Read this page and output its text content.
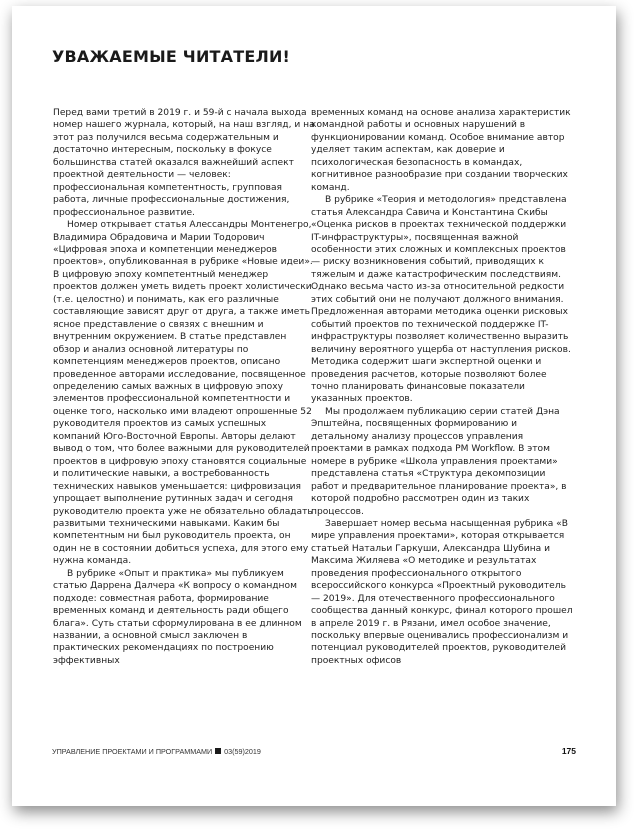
УВАЖАЕМЫЕ ЧИТАТЕЛИ!

Перед вами третий в 2019 г. и 59-й с начала выхода номер нашего журнала, который, на наш взгляд, и на этот раз получился весьма содержательным и достаточно интересным, поскольку в фокусе большинства статей оказался важнейший аспект проектной деятельности — человек: профессиональная компетентность, групповая работа, личные профессиональные достижения, профессиональное развитие.

Номер открывает статья Алессандры Монтенегро, Владимира Обрадовича и Марии Тодорович «Цифровая эпоха и компетенции менеджеров проектов», опубликованная в рубрике «Новые идеи». В цифровую эпоху компетентный менеджер проектов должен уметь видеть проект холистически (т.е. целостно) и понимать, как его различные составляющие зависят друг от друга, а также иметь ясное представление о связях с внешним и внутренним окружением. В статье представлен обзор и анализ основной литературы по компетенциям менеджеров проектов, описано проведенное авторами исследование, посвященное определению самых важных в цифровую эпоху элементов профессиональной компетентности и оценке того, насколько ими владеют опрошенные 52 руководителя проектов из самых успешных компаний Юго-Восточной Европы. Авторы делают вывод о том, что более важными для руководителей проектов в цифровую эпоху становятся социальные и политические навыки, а востребованность технических навыков уменьшается: цифровизация упрощает выполнение рутинных задач и сегодня руководителю проекта уже не обязательно обладать развитыми техническими навыками. Каким бы компетентным ни был руководитель проекта, он один не в состоянии добиться успеха, для этого ему нужна команда.

В рубрике «Опыт и практика» мы публикуем статью Даррена Далчера «К вопросу о командном подходе: совместная работа, формирование временных команд и деятельность ради общего блага». Суть статьи сформулирована в ее длинном названии, а основной смысл заключен в практических рекомендациях по построению эффективных

временных команд на основе анализа характеристик командной работы и основных нарушений в функционировании команд. Особое внимание автор уделяет таким аспектам, как доверие и психологическая безопасность в командах, когнитивное разнообразие при создании творческих команд.

В рубрике «Теория и методология» представлена статья Александра Савича и Константина Скибы «Оценка рисков в проектах технической поддержки IT-инфраструктуры», посвященная важной особенности этих сложных и комплексных проектов — риску возникновения событий, приводящих к тяжелым и даже катастрофическим последствиям. Однако весьма часто из-за относительной редкости этих событий они не получают должного внимания. Предложенная авторами методика оценки рисковых событий проектов по технической поддержке IT-инфраструктуры позволяет количественно выразить величину вероятного ущерба от наступления рисков. Методика содержит шаги экспертной оценки и проведения расчетов, которые позволяют более точно планировать финансовые показатели указанных проектов.

Мы продолжаем публикацию серии статей Дэна Эпштейна, посвященных формированию и детальному анализу процессов управления проектами в рамках подхода PM Workflow. В этом номере в рубрике «Школа управления проектами» представлена статья «Структура декомпозиции работ и предварительное планирование проекта», в которой подробно рассмотрен один из таких процессов.

Завершает номер весьма насыщенная рубрика «В мире управления проектами», которая открывается статьей Натальи Гаркуши, Александра Шубина и Максима Жиляева «О методике и результатах проведения профессионального открытого всероссийского конкурса «Проектный руководитель — 2019». Для отечественного профессионального сообщества данный конкурс, финал которого прошел в апреле 2019 г. в Рязани, имел особое значение, поскольку впервые оценивались профессионализм и потенциал руководителей проектов, руководителей проектных офисов

УПРАВЛЕНИЕ ПРОЕКТАМИ И ПРОГРАММАМИ 03(59)2019	175
